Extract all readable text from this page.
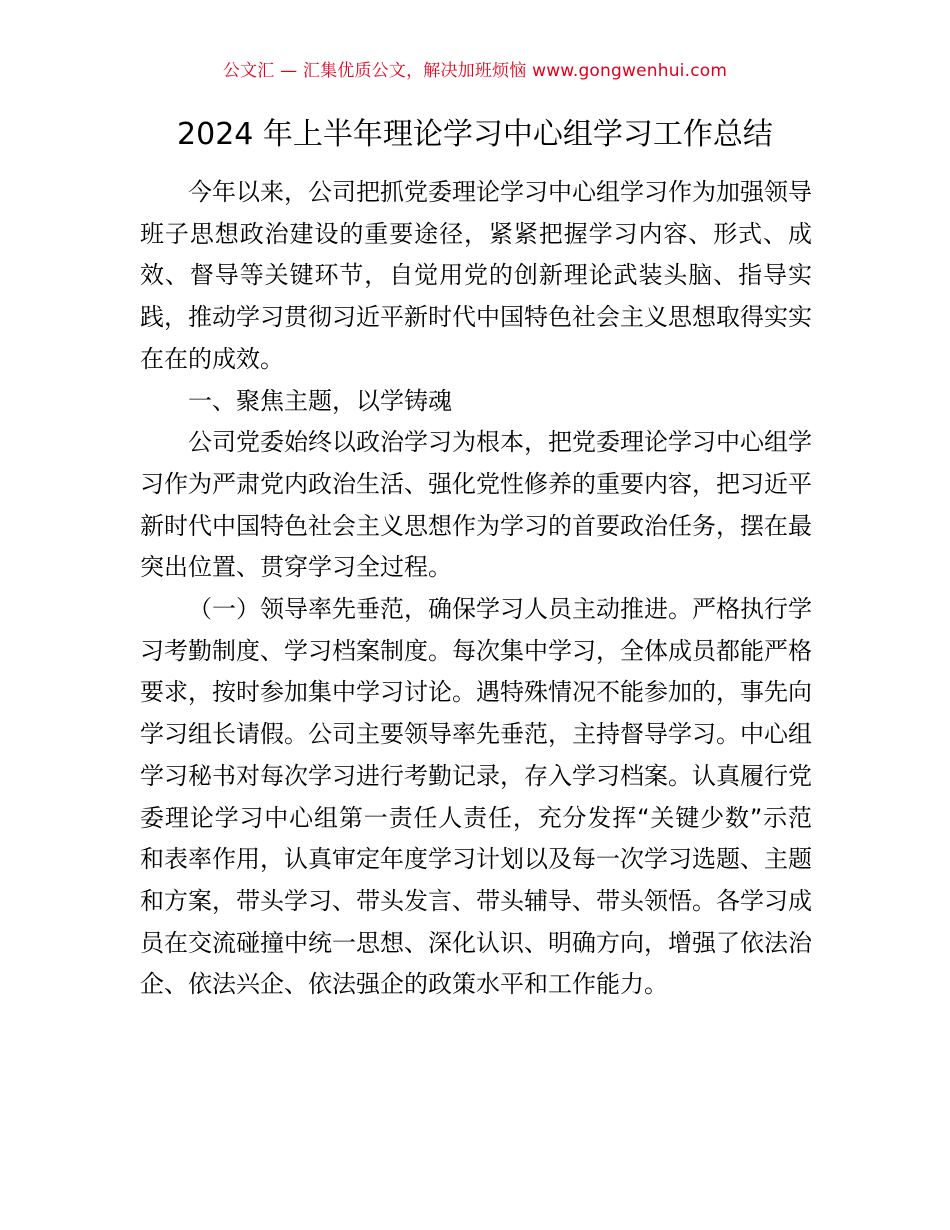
公文汇 — 汇集优质公文，解决加班烦恼 www.gongwenhui.com
2024 年上半年理论学习中心组学习工作总结

今年以来，公司把抓党委理论学习中心组学习作为加强领导班子思想政治建设的重要途径，紧紧把握学习内容、形式、成效、督导等关键环节，自觉用党的创新理论武装头脑、指导实践，推动学习贯彻习近平新时代中国特色社会主义思想取得实实在在的成效。

一、聚焦主题，以学铸魂

公司党委始终以政治学习为根本，把党委理论学习中心组学习作为严肃党内政治生活、强化党性修养的重要内容，把习近平新时代中国特色社会主义思想作为学习的首要政治任务，摆在最突出位置、贯穿学习全过程。

（一）领导率先垂范，确保学习人员主动推进。严格执行学习考勤制度、学习档案制度。每次集中学习，全体成员都能严格要求，按时参加集中学习讨论。遇特殊情况不能参加的，事先向学习组长请假。公司主要领导率先垂范，主持督导学习。中心组学习秘书对每次学习进行考勤记录，存入学习档案。认真履行党委理论学习中心组第一责任人责任，充分发挥“关键少数”示范和表率作用，认真审定年度学习计划以及每一次学习选题、主题和方案，带头学习、带头发言、带头辅导、带头领悟。各学习成员在交流碰撞中统一思想、深化认识、明确方向，增强了依法治企、依法兴企、依法强企的政策水平和工作能力。
